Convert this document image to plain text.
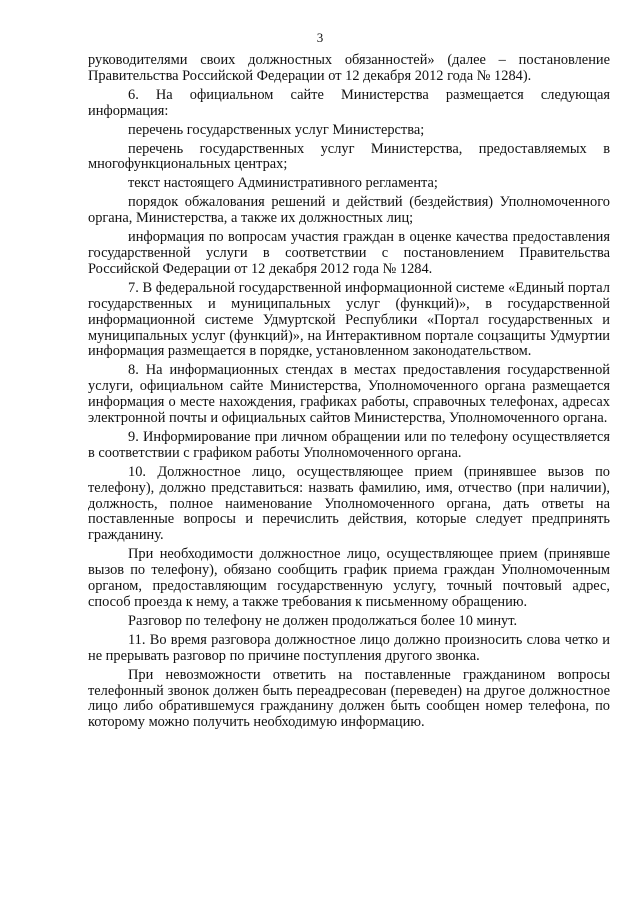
3

руководителями своих должностных обязанностей» (далее – постановление Правительства Российской Федерации от 12 декабря 2012 года № 1284).

6. На официальном сайте Министерства размещается следующая информация:

перечень государственных услуг Министерства;

перечень государственных услуг Министерства, предоставляемых в многофункциональных центрах;

текст настоящего Административного регламента;

порядок обжалования решений и действий (бездействия) Уполномоченного органа, Министерства, а также их должностных лиц;

информация по вопросам участия граждан в оценке качества предоставления государственной услуги в соответствии с постановлением Правительства Российской Федерации от 12 декабря 2012 года № 1284.

7. В федеральной государственной информационной системе «Единый портал государственных и муниципальных услуг (функций)», в государственной информационной системе Удмуртской Республики «Портал государственных и муниципальных услуг (функций)», на Интерактивном портале соцзащиты Удмуртии информация размещается в порядке, установленном законодательством.

8. На информационных стендах в местах предоставления государственной услуги, официальном сайте Министерства, Уполномоченного органа размещается информация о месте нахождения, графиках работы, справочных телефонах, адресах электронной почты и официальных сайтов Министерства, Уполномоченного органа.

9. Информирование при личном обращении или по телефону осуществляется в соответствии с графиком работы Уполномоченного органа.

10. Должностное лицо, осуществляющее прием (принявшее вызов по телефону), должно представиться: назвать фамилию, имя, отчество (при наличии), должность, полное наименование Уполномоченного органа, дать ответы на поставленные вопросы и перечислить действия, которые следует предпринять гражданину.

При необходимости должностное лицо, осуществляющее прием (принявше вызов по телефону), обязано сообщить график приема граждан Уполномоченным органом, предоставляющим государственную услугу, точный почтовый адрес, способ проезда к нему, а также требования к письменному обращению.

Разговор по телефону не должен продолжаться более 10 минут.

11. Во время разговора должностное лицо должно произносить слова четко и не прерывать разговор по причине поступления другого звонка.

При невозможности ответить на поставленные гражданином вопросы телефонный звонок должен быть переадресован (переведен) на другое должностное лицо либо обратившемуся гражданину должен быть сообщен номер телефона, по которому можно получить необходимую информацию.
